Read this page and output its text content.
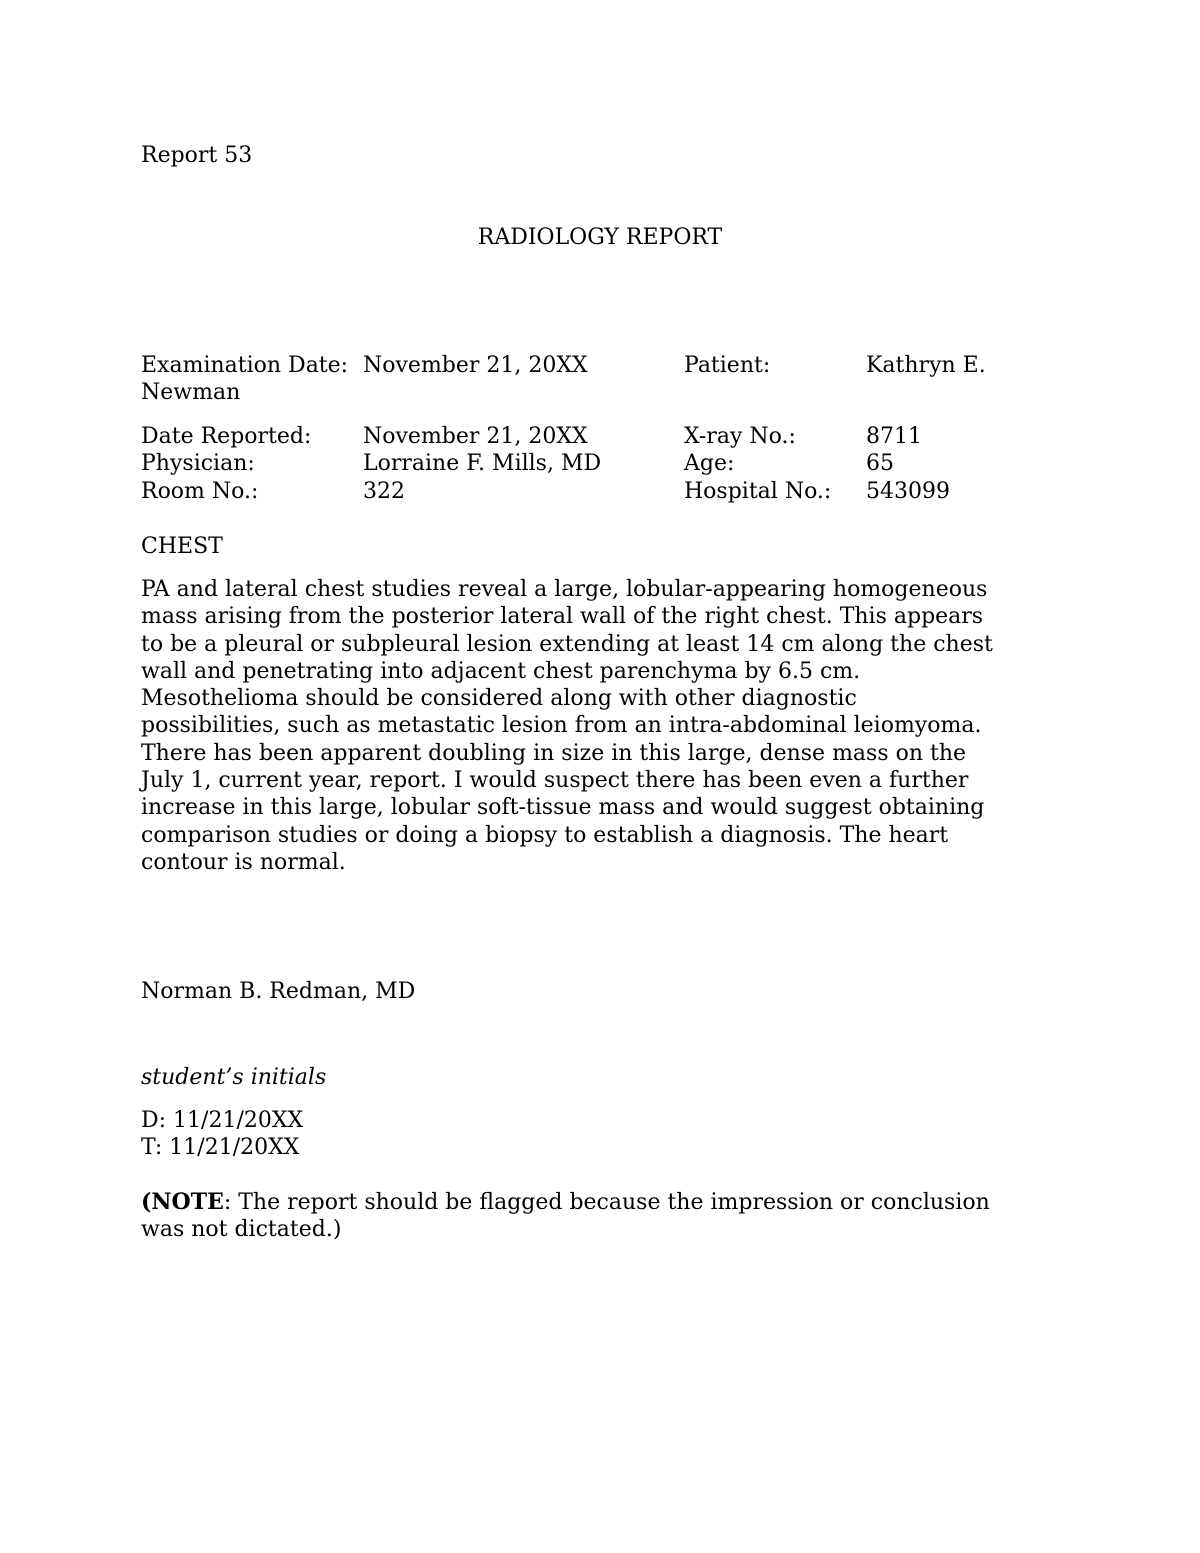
Report 53
RADIOLOGY REPORT
Examination Date: November 21, 20XX	Patient:	Kathryn E.
Newman
Date Reported: November 21, 20XX	X-ray No.:	8711
Physician:	Lorraine F. Mills, MD	Age:	65
Room No.:	322	Hospital No.: 543099
CHEST
PA and lateral chest studies reveal a large, lobular-appearing homogeneous
mass arising from the posterior lateral wall of the right chest. This appears
to be a pleural or subpleural lesion extending at least 14 cm along the chest
wall and penetrating into adjacent chest parenchyma by 6.5 cm.
Mesothelioma should be considered along with other diagnostic
possibilities, such as metastatic lesion from an intra-abdominal leiomyoma.
There has been apparent doubling in size in this large, dense mass on the
July 1, current year, report. I would suspect there has been even a further
increase in this large, lobular soft-tissue mass and would suggest obtaining
comparison studies or doing a biopsy to establish a diagnosis. The heart
contour is normal.
Norman B. Redman, MD
student’s initials
D: 11/21/20XX
T: 11/21/20XX
(NOTE: The report should be flagged because the impression or conclusion
was not dictated.)
